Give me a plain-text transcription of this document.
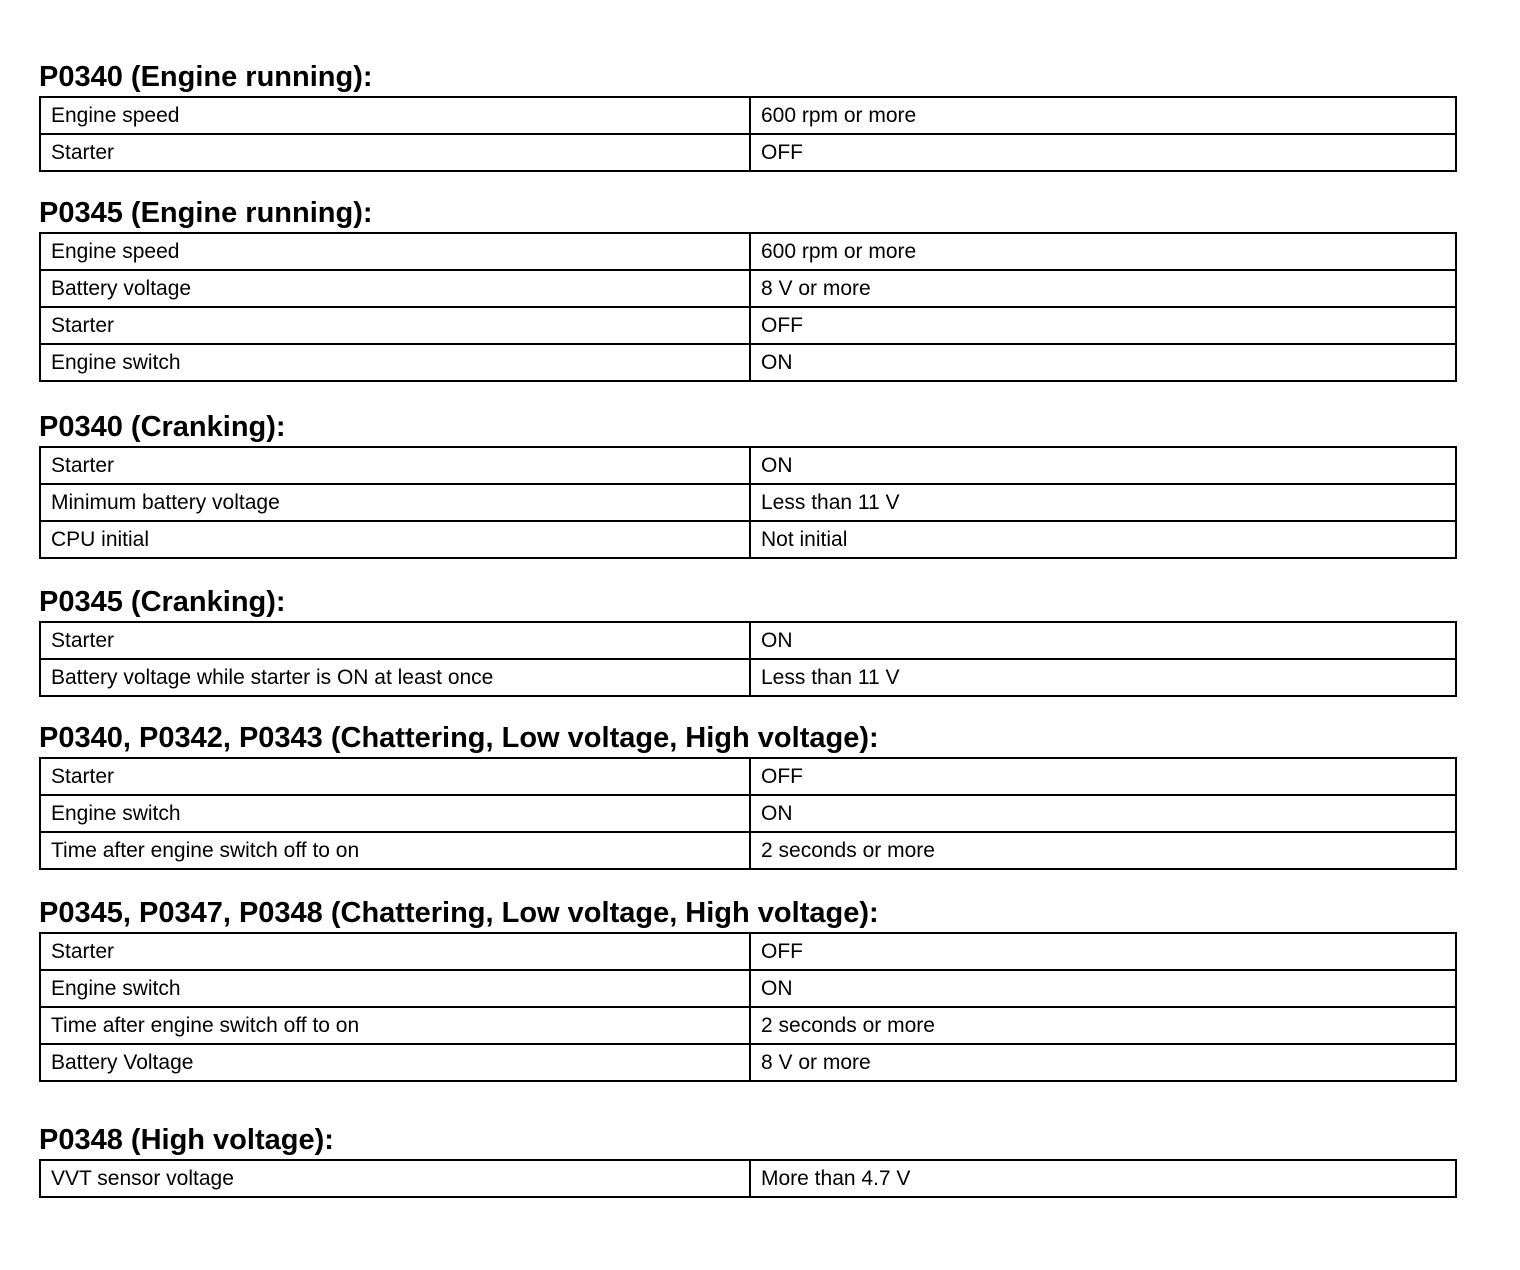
P0340 (Engine running):
Engine speed	600 rpm or more
Starter	OFF
P0345 (Engine running):
Engine speed	600 rpm or more
Battery voltage	8 V or more
Starter	OFF
Engine switch	ON
P0340 (Cranking):
Starter	ON
Minimum battery voltage	Less than 11 V
CPU initial	Not initial
P0345 (Cranking):
Starter	ON
Battery voltage while starter is ON at least once	Less than 11 V
P0340, P0342, P0343 (Chattering, Low voltage, High voltage):
Starter	OFF
Engine switch	ON
Time after engine switch off to on	2 seconds or more
P0345, P0347, P0348 (Chattering, Low voltage, High voltage):
Starter	OFF
Engine switch	ON
Time after engine switch off to on	2 seconds or more
Battery Voltage	8 V or more
P0348 (High voltage):
VVT sensor voltage	More than 4.7 V
